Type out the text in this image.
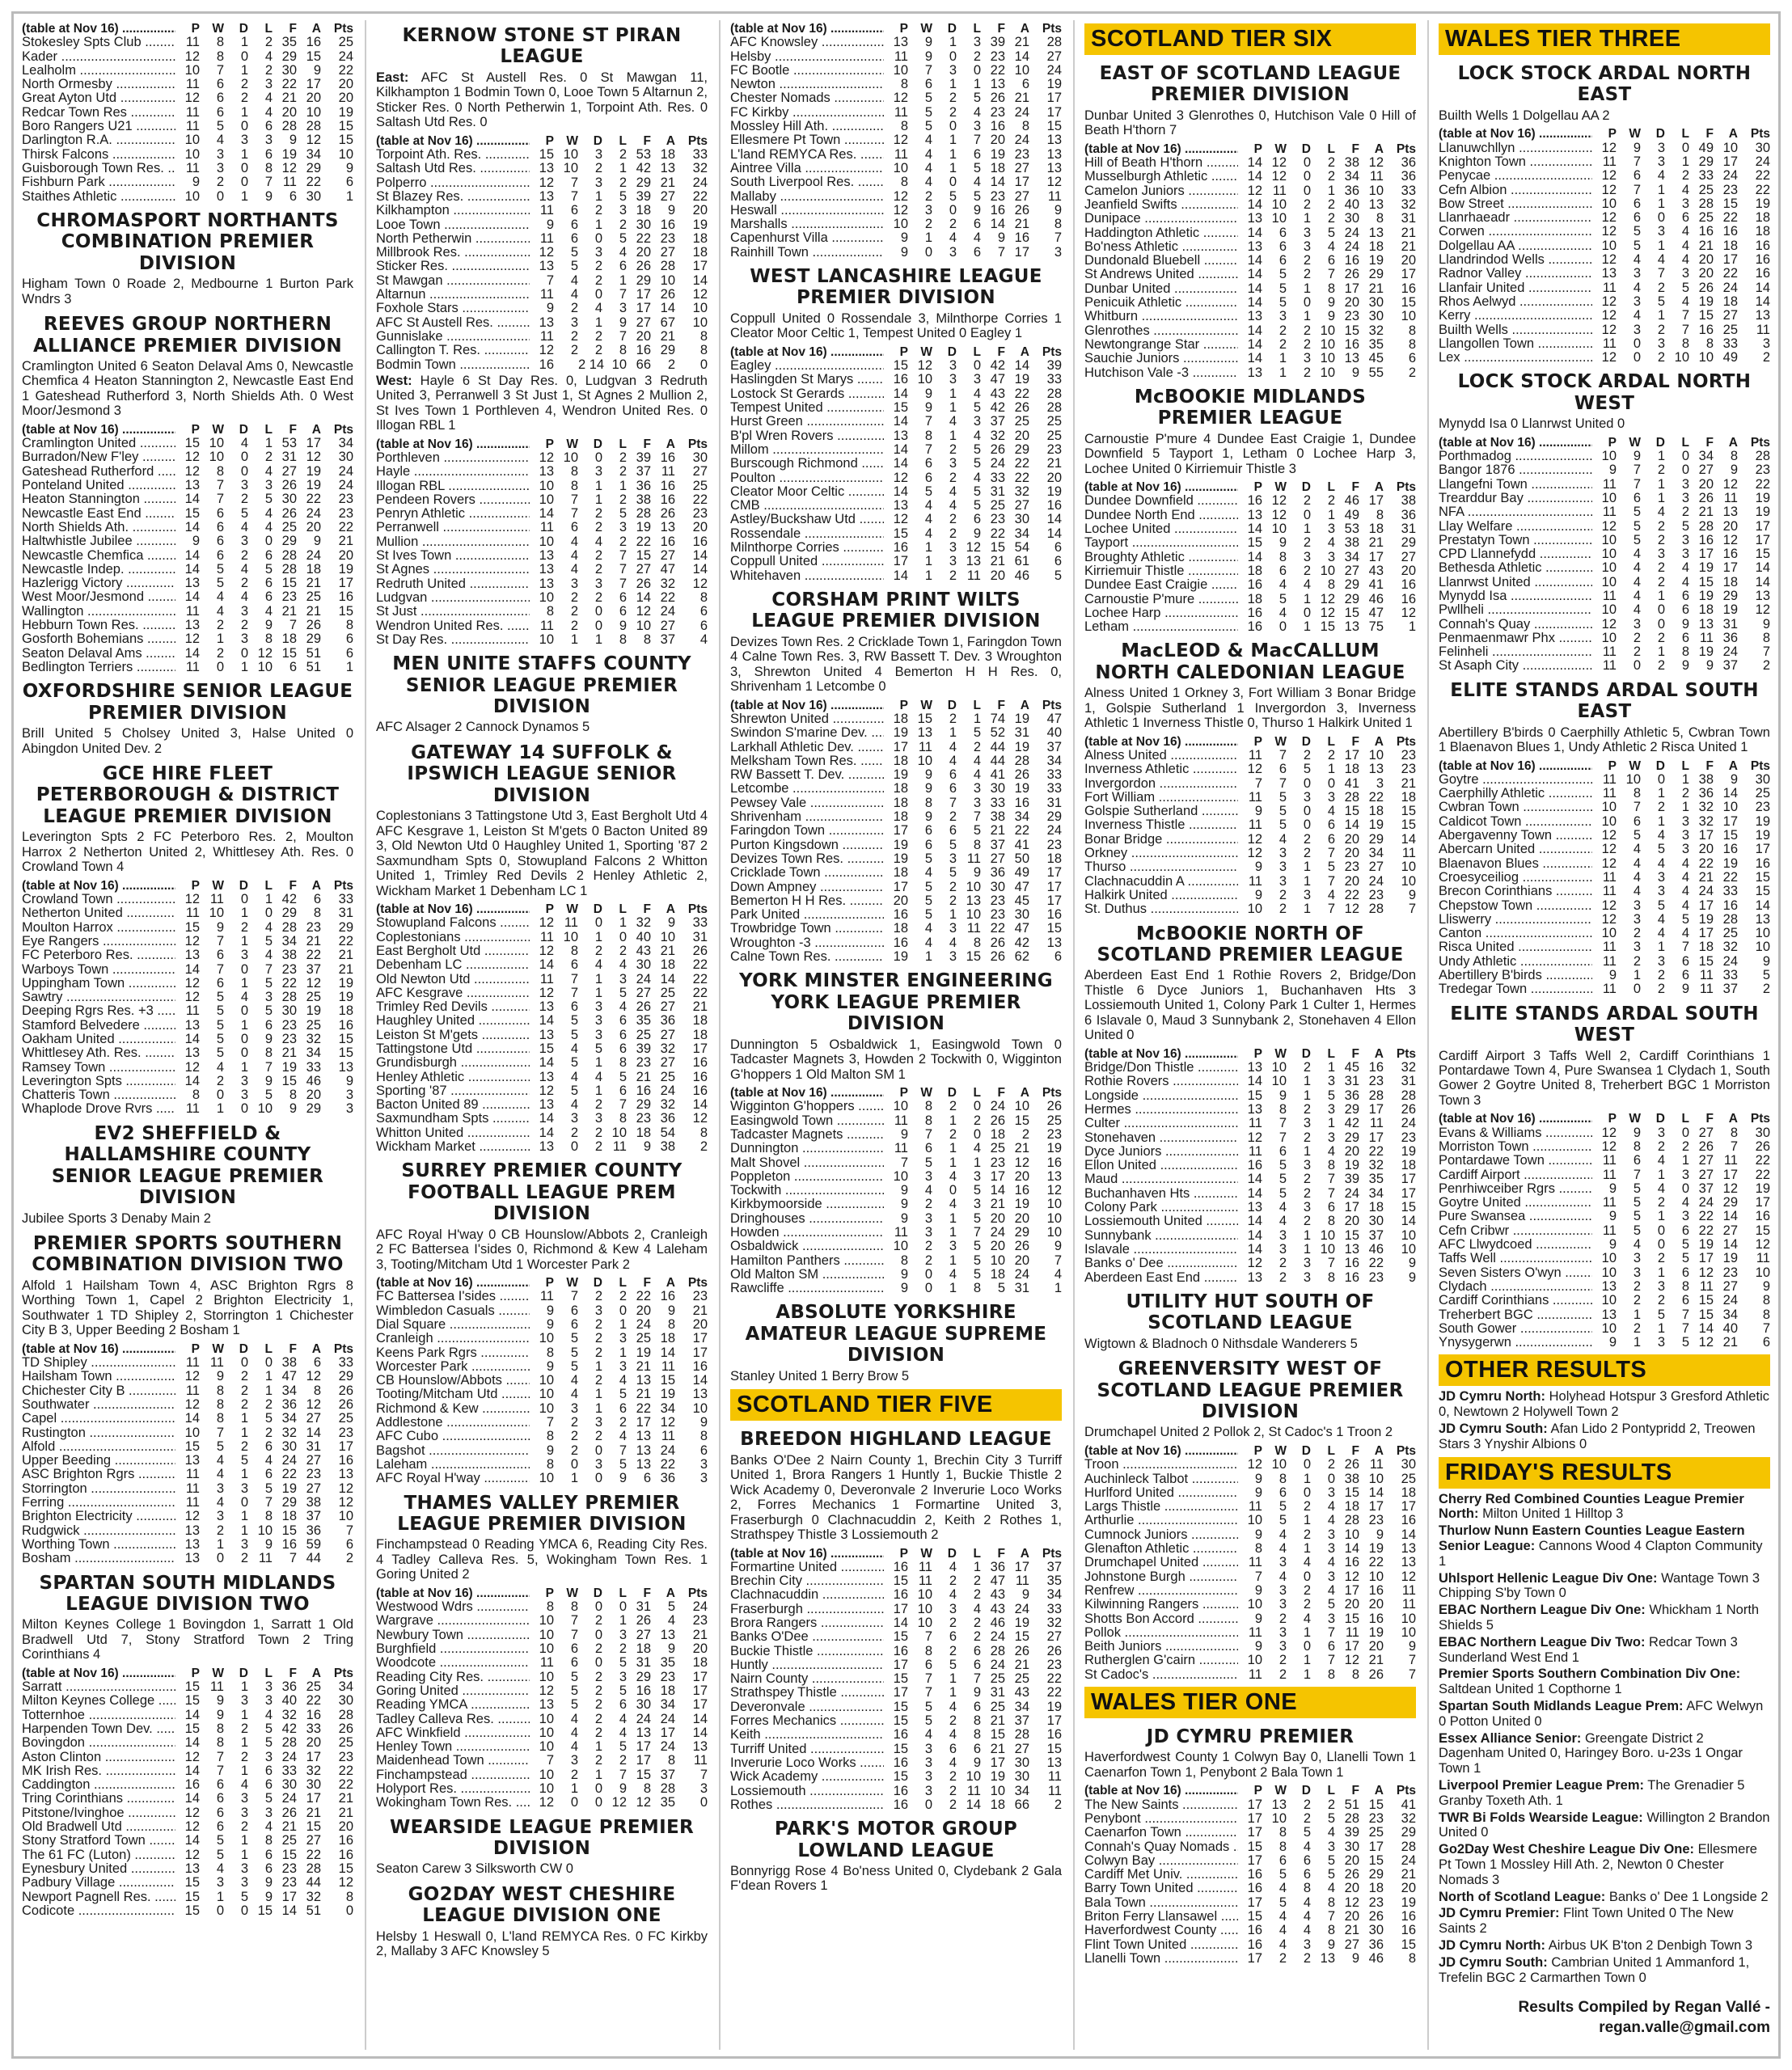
(table at Nov 16) .....	P W	D	L	F	A	Pts
Stokesley Spts Club .....	11	8	1	2 35 16	25
Kader .....	12	8	0	4 29 15	24
Lealholm .....	10	7	1	2 30	9	22
North Ormesby .....	11	6	2	3 22 17	20
Great Ayton Utd .....	12	6	2	4 21 20	20
Redcar Town Res .....	11	6	1	4 20 10	19
Boro Rangers U21 .....	11	5	0	6 28 28	15
Darlington R.A. .....	10	4	3	3	9 12	15
Thirsk Falcons .....	10	3	1	6 19 34	10
Guisborough Town Res. .....	11	3	0	8 12 29	9
Fishburn Park .....	9	2	0	7 11 22	6
Staithes Athletic .....	10	0	1	9	6 30	1
CHROMASPORT NORTHANTS COMBINATION PREMIER DIVISION
Higham Town 0 Roade 2, Medbourne 1 Burton Park Wndrs 3
REEVES GROUP NORTHERN ALLIANCE PREMIER DIVISION
Cramlington United 6 Seaton Delaval Ams 0, Newcastle Chemfica 4 Heaton Stannington 2, Newcastle East End 1 Gateshead Rutherford 3, North Shields Ath. 0 West Moor/Jesmond 3
(table at Nov 16) .....	P W	D	L	F	A	Pts
Cramlington United .....	15 10	4	1 53 17	34
Burradon/New F'ley .....	12 10	0	2 31 12	30
Gateshead Rutherford .....	12	8	0	4 27 19	24
Ponteland United .....	13	7	3	3 26 19	24
Heaton Stannington .....	14	7	2	5 30 22	23
Newcastle East End .....	15	6	5	4 26 24	23
North Shields Ath. .....	14	6	4	4 25 20	22
Haltwhistle Jubilee .....	9	6	3	0 29	9	21
Newcastle Chemfica .....	14	6	2	6 28 24	20
Newcastle Indep. .....	14	5	4	5 28 18	19
Hazlerigg Victory .....	13	5	2	6 15 21	17
West Moor/Jesmond .....	14	4	4	6 23 25	16
Wallington .....	11	4	3	4 21 21	15
Hebburn Town Res. .....	13	2	2	9	7 26	8
Gosforth Bohemians .....	12	1	3	8 18 29	6
Seaton Delaval Ams .....	14	2	0 12 15 51	6
Bedlington Terriers .....	11	0	1 10	6 51	1
OXFORDSHIRE SENIOR LEAGUE PREMIER DIVISION
Brill United 5 Cholsey United 3, Halse United 0 Abingdon United Dev. 2
GCE HIRE FLEET PETERBOROUGH & DISTRICT LEAGUE PREMIER DIVISION
Leverington Spts 2 FC Peterboro Res. 2, Moulton Harrox 2 Netherton United 2, Whittlesey Ath. Res. 0 Crowland Town 4
(table at Nov 16) .....	P W	D	L	F	A	Pts
Crowland Town .....	12 11	0	1 42	6	33
Netherton United .....	11 10	1	0 29	8	31
Moulton Harrox .....	15	9	2	4 28 23	29
Eye Rangers .....	12	7	1	5 34 21	22
FC Peterboro Res. .....	13	6	3	4 38 22	21
Warboys Town .....	14	7	0	7 23 37	21
Uppingham Town .....	12	6	1	5 22 12	19
Sawtry .....	12	5	4	3 28 25	19
Deeping Rgrs Res. +3 .....	11	5	0	5 30 19	18
Stamford Belvedere .....	13	5	1	6 23 25	16
Oakham United .....	14	5	0	9 23 32	15
Whittlesey Ath. Res. .....	13	5	0	8 21 34	15
Ramsey Town .....	12	4	1	7 19 33	13
Leverington Spts .....	14	2	3	9 15 46	9
Chatteris Town .....	8	0	3	5	8 20	3
Whaplode Drove Rvrs .....	11	1	0 10	9 29	3
EV2 SHEFFIELD & HALLAMSHIRE COUNTY SENIOR LEAGUE PREMIER DIVISION
Jubilee Sports 3 Denaby Main 2
PREMIER SPORTS SOUTHERN COMBINATION DIVISION TWO
Alfold 1 Hailsham Town 4, ASC Brighton Rgrs 8 Worthing Town 1, Capel 2 Brighton Electricity 1, Southwater 1 TD Shipley 2, Storrington 1 Chichester City B 3, Upper Beeding 2 Bosham 1
(table at Nov 16) .....	P W	D	L	F	A	Pts
TD Shipley .....	11 11	0	0 38	6	33
Hailsham Town .....	12	9	2	1 47 12	29
Chichester City B .....	11	8	2	1 34	8	26
Southwater .....	12	8	2	2 36 12	26
Capel .....	14	8	1	5 34 27	25
Rustington .....	10	7	1	2 32 14	23
Alfold .....	15	5	2	6 30 31	17
Upper Beeding .....	13	4	5	4 24 27	16
ASC Brighton Rgrs .....	11	4	1	6 22 23	13
Storrington .....	11	3	3	5 19 27	12
Ferring .....	11	4	0	7 29 38	12
Brighton Electricity .....	12	3	1	8 18 37	10
Rudgwick .....	13	2	1 10 15 36	7
Worthing Town .....	13	1	3	9 16 59	6
Bosham .....	13	0	2 11	7 44	2
SPARTAN SOUTH MIDLANDS LEAGUE DIVISION TWO
Milton Keynes College 1 Bovingdon 1, Sarratt 1 Old Bradwell Utd 7, Stony Stratford Town 2 Tring Corinthians 4
(table at Nov 16) .....	P W	D	L	F	A	Pts
Sarratt .....	15 11	1	3 36 25	34
Milton Keynes College .....	15	9	3	3 40 22	30
Totternhoe .....	14	9	1	4 32 16	28
Harpenden Town Dev. .....	15	8	2	5 42 33	26
Bovingdon .....	14	8	1	5 28 20	25
Aston Clinton .....	12	7	2	3 24 17	23
MK Irish Res. .....	14	7	1	6 33 32	22
Caddington .....	16	6	4	6 30 30	22
Tring Corinthians .....	14	6	3	5 24 17	21
Pitstone/Ivinghoe .....	12	6	3	3 26 21	21
Old Bradwell Utd .....	12	6	2	4 21 15	20
Stony Stratford Town .....	14	5	1	8 25 27	16
The 61 FC (Luton) .....	12	5	1	6 15 22	16
Eynesbury United .....	13	4	3	6 23 28	15
Padbury Village .....	15	3	3	9 23 44	12
Newport Pagnell Res. .....	15	1	5	9 17 32	8
Codicote .....	15	0	0 15 14 51	0
KERNOW STONE ST PIRAN LEAGUE
East: AFC St Austell Res. 0 St Mawgan 11, Kilkhampton 1 Bodmin Town 0, Looe Town 5 Altarnun 2, Sticker Res. 0 North Petherwin 1, Torpoint Ath. Res. 0 Saltash Utd Res. 0
(table at Nov 16) .....	P W	D	L	F	A	Pts
Torpoint Ath. Res. .....	15 10	3	2 53 18	33
Saltash Utd Res. .....	13 10	2	1 42 13	32
Polperro .....	12	7	3	2 29 21	24
St Blazey Res. .....	13	7	1	5 39 27	22
Kilkhampton .....	11	6	2	3 18	9	20
Looe Town .....	9	6	1	2 30 16	19
North Petherwin .....	11	6	0	5 22 23	18
Millbrook Res. .....	12	5	3	4 20 27	18
Sticker Res. .....	13	5	2	6 26 28	17
St Mawgan .....	7	4	2	1 29 10	14
Altarnun .....	11	4	0	7 17 26	12
Foxhole Stars .....	9	2	4	3 17 14	10
AFC St Austell Res. .....	13	3	1	9 27 67	10
Gunnislake .....	11	2	2	7 20 21	8
Callington T. Res. .....	12	2	2	8 16 29	8
Bodmin Town .....	16 2 14 10 66	2	0
West: Hayle 6 St Day Res. 0, Ludgvan 3 Redruth United 3, Perranwell 3 St Just 1, St Agnes 2 Mullion 2, St Ives Town 1 Porthleven 4, Wendron United Res. 0 Illogan RBL 1
(table at Nov 16) .....	P W	D	L	F	A	Pts
Porthleven .....	12 10	0	2 39 16	30
Hayle .....	13	8	3	2 37 11	27
Illogan RBL .....	10	8	1	1 36 16	25
Pendeen Rovers .....	10	7	1	2 38 16	22
Penryn Athletic .....	14	7	2	5 28 26	23
Perranwell .....	11	6	2	3 19 13	20
Mullion .....	10	4	4	2 22 16	16
St Ives Town .....	13	4	2	7 15 27	14
St Agnes .....	13	4	2	7 27 47	14
Redruth United .....	13	3	3	7 26 32	12
Ludgvan .....	10	2	2	6 14 22	8
St Just .....	8	2	0	6 12 24	6
Wendron United Res. .....	11	2	0	9 10 27	6
St Day Res. .....	10	1	1	8	8 37	4
MEN UNITE STAFFS COUNTY SENIOR LEAGUE PREMIER DIVISION
AFC Alsager 2 Cannock Dynamos 5
GATEWAY 14 SUFFOLK & IPSWICH LEAGUE SENIOR DIVISION
Coplestonians 3 Tattingstone Utd 3, East Bergholt Utd 4 AFC Kesgrave 1, Leiston St M'gets 0 Bacton United 89 3, Old Newton Utd 0 Haughley United 1, Sporting '87 2 Saxmundham Spts 0, Stowupland Falcons 2 Whitton United 1, Trimley Red Devils 2 Henley Athletic 2, Wickham Market 1 Debenham LC 1
(table at Nov 16) .....	P W	D	L	F	A	Pts
Stowupland Falcons .....	12 11	0	1 32	9	33
Coplestonians .....	11 10	1	0 40 10	31
East Bergholt Utd .....	12	8	2	2 43 21	26
Debenham LC .....	14	6	4	4 30 18	22
Old Newton Utd .....	11	7	1	3 24 14	22
AFC Kesgrave .....	12	7	1	5 27 25	22
Trimley Red Devils .....	13	6	3	4 26 27	21
Haughley United .....	14	5	3	6 35 36	18
Leiston St M'gets .....	13	5	3	6 25 27	18
Tattingstone Utd .....	15	4	5	6 39 32	17
Grundisburgh .....	14	5	1	8 23 27	16
Henley Athletic .....	13	4	4	5 21 25	16
Sporting '87 .....	12	5	1	6 16 24	16
Bacton United 89 .....	13	4	2	7 29 32	14
Saxmundham Spts .....	14	3	3	8 23 36	12
Whitton United .....	14	2	2 10 18 54	8
Wickham Market .....	13	0	2 11	9 38	2
SURREY PREMIER COUNTY FOOTBALL LEAGUE PREM DIVISION
AFC Royal H'way 0 CB Hounslow/Abbots 2, Cranleigh 2 FC Battersea I'sides 0, Richmond & Kew 4 Laleham 3, Tooting/Mitcham Utd 1 Worcester Park 2
(table at Nov 16) .....	P W	D	L	F	A	Pts
FC Battersea I'sides .....	11	7	2	2 22 16	23
Wimbledon Casuals .....	9	6	3	0 20	9	21
Dial Square .....	9	6	2	1 24	8	20
Cranleigh .....	10	5	2	3 25 18	17
Keens Park Rgrs .....	8	5	2	1 19 14	17
Worcester Park .....	9	5	1	3 21 11	16
CB Hounslow/Abbots .....	10	4	2	4 13 15	14
Tooting/Mitcham Utd .....	10	4	1	5 21 19	13
Richmond & Kew .....	10	3	1	6 22 34	10
Addlestone .....	7	2	3	2 17 12	9
AFC Cubo .....	8	2	2	4 13 11	8
Bagshot .....	9	2	0	7 13 24	6
Laleham .....	8	0	3	5 13 22	3
AFC Royal H'way .....	10	1	0	9	6 36	3
THAMES VALLEY PREMIER LEAGUE PREMIER DIVISION
Finchampstead 0 Reading YMCA 6, Reading City Res. 4 Tadley Calleva Res. 5, Wokingham Town Res. 1 Goring United 2
(table at Nov 16) .....	P W	D	L	F	A	Pts
Westwood Wdrs .....	8	8	0	0 31	5	24
Wargrave .....	10	7	2	1 26	4	23
Newbury Town .....	10	7	0	3 27 13	21
Burghfield .....	10	6	2	2 18	9	20
Woodcote .....	11	6	0	5 31 35	18
Reading City Res. .....	10	5	2	3 29 23	17
Goring United .....	12	5	2	5 16 18	17
Reading YMCA .....	13	5	2	6 30 34	17
Tadley Calleva Res. .....	10	4	2	4 24 24	14
AFC Winkfield .....	10	4	2	4 13 17	14
Henley Town .....	10	4	1	5 17 24	13
Maidenhead Town .....	7	3	2	2 17	8	11
Finchampstead .....	10	2	1	7 15 37	7
Holyport Res. .....	10	1	0	9	8 28	3
Wokingham Town Res. .....	12	0	0 12 12 35	0
WEARSIDE LEAGUE PREMIER DIVISION
Seaton Carew 3 Silksworth CW 0
GO2DAY WEST CHESHIRE LEAGUE DIVISION ONE
Helsby 1 Heswall 0, L'land REMYCA Res. 0 FC Kirkby 2, Mallaby 3 AFC Knowsley 5
(table at Nov 16) .....	P W	D	L	F	A	Pts
AFC Knowsley .....	13	9	1	3 39 21	28
Helsby .....	11	9	0	2 23 14	27
FC Bootle .....	10	7	3	0 22 10	24
Newton .....	8	6	1	1 13	6	19
Chester Nomads .....	12	5	2	5 26 21	17
FC Kirkby .....	11	5	2	4 23 24	17
Mossley Hill Ath. .....	8	5	0	3 16	8	15
Ellesmere Pt Town .....	12	4	1	7 20 24	13
L'land REMYCA Res. .....	11	4	1	6 19 23	13
Aintree Villa .....	10	4	1	5 18 27	13
South Liverpool Res. .....	8	4	0	4 14 17	12
Mallaby .....	12	2	5	5 23 27	11
Heswall .....	12	3	0	9 16 26	9
Marshalls .....	10	2	2	6 14 21	8
Capenhurst Villa .....	9	1	4	4	9 16	7
Rainhill Town .....	9	0	3	6	7 17	3
WEST LANCASHIRE LEAGUE PREMIER DIVISION
Coppull United 0 Rossendale 3, Milnthorpe Corries 1 Cleator Moor Celtic 1, Tempest United 0 Eagley 1
(table at Nov 16) .....	P W	D	L	F	A	Pts
Eagley .....	15 12	3	0 42 14	39
Haslingden St Marys .....	16 10	3	3 47 19	33
Lostock St Gerards .....	14	9	1	4 43 22	28
Tempest United .....	15	9	1	5 42 26	28
Hurst Green .....	14	7	4	3 37 25	25
B'pl Wren Rovers .....	13	8	1	4 32 20	25
Millom .....	14	7	2	5 26 29	23
Burscough Richmond .....	14	6	3	5 24 22	21
Poulton .....	12	6	2	4 33 22	20
Cleator Moor Celtic .....	14	5	4	5 31 32	19
CMB .....	13	4	4	5 25 27	16
Astley/Buckshaw Utd .....	12	4	2	6 23 30	14
Rossendale .....	15	4	2	9 22 34	14
Milnthorpe Corries .....	16	1	3 12 15 54	6
Coppull United .....	17	1	3 13 21 61	6
Whitehaven .....	14	1	2 11 20 46	5
CORSHAM PRINT WILTS LEAGUE PREMIER DIVISION
Devizes Town Res. 2 Cricklade Town 1, Faringdon Town 4 Calne Town Res. 3, RW Bassett T. Dev. 3 Wroughton 3, Shrewton United 4 Bemerton H H Res. 0, Shrivenham 1 Letcombe 0
(table at Nov 16) .....	P W	D	L	F	A	Pts
Shrewton United .....	18 15	2	1 74 19	47
Swindon S'marine Dev. .....	19 13	1	5 52 31	40
Larkhall Athletic Dev. .....	17 11	4	2 44 19	37
Melksham Town Res. .....	18 10	4	4 44 28	34
RW Bassett T. Dev. .....	19	9	6	4 41 26	33
Letcombe .....	18	9	6	3 30 19	33
Pewsey Vale .....	18	8	7	3 33 16	31
Shrivenham .....	18	9	2	7 38 34	29
Faringdon Town .....	17	6	6	5 21 22	24
Purton Kingsdown .....	19	6	5	8 37 41	23
Devizes Town Res. .....	19	5	3 11 27 50	18
Cricklade Town .....	18	4	5	9 36 49	17
Down Ampney .....	17	5	2 10 30 47	17
Bemerton H H Res. .....	20	5	2 13 23 45	17
Park United .....	16	5	1 10 23 30	16
Trowbridge Town .....	18	4	3 11 22 47	15
Wroughton -3 .....	16	4	4	8 26 42	13
Calne Town Res. .....	19	1	3 15 26 62	6
YORK MINSTER ENGINEERING YORK LEAGUE PREMIER DIVISION
Dunnington 5 Osbaldwick 1, Easingwold Town 0 Tadcaster Magnets 3, Howden 2 Tockwith 0, Wigginton G'hoppers 1 Old Malton SM 1
(table at Nov 16) .....	P W	D	L	F	A	Pts
Wigginton G'hoppers .....	10	8	2	0 24 10	26
Easingwold Town .....	11	8	1	2 26 15	25
Tadcaster Magnets .....	9	7	2	0 18	2	23
Dunnington .....	11	6	1	4 25 21	19
Malt Shovel .....	7	5	1	1 23 12	16
Poppleton .....	10	3	4	3 17 20	13
Tockwith .....	9	4	0	5 14 16	12
Kirkbymoorside .....	9	2	4	3 21 19	10
Dringhouses .....	9	3	1	5 20 20	10
Howden .....	11	3	1	7 24 29	10
Osbaldwick .....	10	2	3	5 20 26	9
Hamilton Panthers .....	8	2	1	5 10 20	7
Old Malton SM .....	9	0	4	5 18 24	4
Rawcliffe .....	9	0	1	8	5 31	1
ABSOLUTE YORKSHIRE AMATEUR LEAGUE SUPREME DIVISION
Stanley United 1 Berry Brow 5
SCOTLAND TIER FIVE
BREEDON HIGHLAND LEAGUE
Banks O'Dee 2 Nairn County 1, Brechin City 3 Turriff United 1, Brora Rangers 1 Huntly 1, Buckie Thistle 2 Wick Academy 0, Deveronvale 2 Inverurie Loco Works 2, Forres Mechanics 1 Formartine United 3, Fraserburgh 0 Clachnacuddin 2, Keith 2 Rothes 1, Strathspey Thistle 3 Lossiemouth 2
(table at Nov 16) .....	P W	D	L	F	A	Pts
Formartine United .....	16 11	4	1 36 17	37
Brechin City .....	15 11	2	2 47 11	35
Clachnacuddin .....	16 10	4	2 43	9	34
Fraserburgh .....	17 10	3	4 43 24	33
Brora Rangers .....	14 10	2	2 46 19	32
Banks O'Dee .....	15	7	6	2 24 15	27
Buckie Thistle .....	16	8	2	6 28 26	26
Huntly .....	17	6	5	6 24 21	23
Nairn County .....	15	7	1	7 25 25	22
Strathspey Thistle .....	17	7	1	9 31 43	22
Deveronvale .....	15	5	4	6 25 34	19
Forres Mechanics .....	15	5	2	8 21 37	17
Keith .....	16	4	4	8 15 28	16
Turriff United .....	15	3	6	6 21 27	15
Inverurie Loco Works .....	16	3	4	9 17 30	13
Wick Academy .....	15	3	2 10 19 30	11
Lossiemouth .....	16	3	2 11 10 34	11
Rothes .....	16	0	2 14 18 66	2
PARK'S MOTOR GROUP LOWLAND LEAGUE
Bonnyrigg Rose 4 Bo'ness United 0, Clydebank 2 Gala F'dean Rovers 1
SCOTLAND TIER SIX
EAST OF SCOTLAND LEAGUE PREMIER DIVISION
Dunbar United 3 Glenrothes 0, Hutchison Vale 0 Hill of Beath H'thorn 7
(table at Nov 16) .....	P W	D	L	F	A	Pts
Hill of Beath H'thorn .....	14 12	0	2 38 12	36
Musselburgh Athletic .....	14 12	0	2 34 11	36
Camelon Juniors .....	12 11	0	1 36 10	33
Jeanfield Swifts .....	14 10	2	2 40 13	32
Dunipace .....	13 10	1	2 30	8	31
Haddington Athletic .....	14	6	3	5 24 13	21
Bo'ness Athletic .....	13	6	3	4 24 18	21
Dundonald Bluebell .....	14	6	2	6 16 19	20
St Andrews United .....	14	5	2	7 26 29	17
Dunbar United .....	14	5	1	8 17 21	16
Penicuik Athletic .....	14	5	0	9 20 30	15
Whitburn .....	13	3	1	9 23 30	10
Glenrothes .....	14	2	2 10 15 32	8
Newtongrange Star .....	14	2	2 10 16 35	8
Sauchie Juniors .....	14	1	3 10 13 45	6
Hutchison Vale -3 .....	13	1	2 10	9 55	2
McBOOKIE MIDLANDS PREMIER LEAGUE
Carnoustie P'mure 4 Dundee East Craigie 1, Dundee Downfield 5 Tayport 1, Letham 0 Lochee Harp 3, Lochee United 0 Kirriemuir Thistle 3
(table at Nov 16) .....	P W	D	L	F	A	Pts
Dundee Downfield .....	16 12	2	2 46 17	38
Dundee North End .....	13 12	0	1 49	8	36
Lochee United .....	14 10	1	3 53 18	31
Tayport .....	15	9	2	4 38 21	29
Broughty Athletic .....	14	8	3	3 34 17	27
Kirriemuir Thistle .....	18	6	2 10 27 43	20
Dundee East Craigie .....	16	4	4	8 29 41	16
Carnoustie P'mure .....	18	5	1 12 29 46	16
Lochee Harp .....	16	4	0 12 15 47	12
Letham .....	16	0	1 15 13 75	1
MacLEOD & MacCALLUM NORTH CALEDONIAN LEAGUE
Alness United 1 Orkney 3, Fort William 3 Bonar Bridge 1, Golspie Sutherland 1 Invergordon 3, Inverness Athletic 1 Inverness Thistle 0, Thurso 1 Halkirk United 1
(table at Nov 16) .....	P W	D	L	F	A	Pts
Alness United .....	11	7	2	2 17 10	23
Inverness Athletic .....	12	6	5	1 18 13	23
Invergordon .....	7	7	0	0 41	3	21
Fort William .....	11	5	3	3 28 22	18
Golspie Sutherland .....	9	5	0	4 15 18	15
Inverness Thistle .....	11	5	0	6 14 19	15
Bonar Bridge .....	12	4	2	6 20 29	14
Orkney .....	12	3	2	7 20 34	11
Thurso .....	9	3	1	5 23 27	10
Clachnacuddin A .....	11	3	1	7 20 24	10
Halkirk United .....	9	2	3	4 22 23	9
St. Duthus .....	10	2	1	7 12 28	7
McBOOKIE NORTH OF SCOTLAND PREMIER LEAGUE
Aberdeen East End 1 Rothie Rovers 2, Bridge/Don Thistle 6 Dyce Juniors 1, Buchanhaven Hts 3 Lossiemouth United 1, Colony Park 1 Culter 1, Hermes 6 Islavale 0, Maud 3 Sunnybank 2, Stonehaven 4 Ellon United 0
(table at Nov 16) .....	P W	D	L	F	A	Pts
Bridge/Don Thistle .....	13 10	2	1 45 16	32
Rothie Rovers .....	14 10	1	3 31 23	31
Longside .....	15	9	1	5 36 28	28
Hermes .....	13	8	2	3 29 17	26
Culter .....	11	7	3	1 42 11	24
Stonehaven .....	12	7	2	3 29 17	23
Dyce Juniors .....	11	6	1	4 20 22	19
Ellon United .....	16	5	3	8 19 32	18
Maud .....	14	5	2	7 39 35	17
Buchanhaven Hts .....	14	5	2	7 24 34	17
Colony Park .....	13	4	3	6 17 18	15
Lossiemouth United .....	14	4	2	8 20 30	14
Sunnybank .....	14	3	1 10 15 37	10
Islavale .....	14	3	1 10 13 46	10
Banks o' Dee .....	12	2	3	7 16 22	9
Aberdeen East End .....	13	2	3	8 16 23	9
UTILITY HUT SOUTH OF SCOTLAND LEAGUE
Wigtown & Bladnoch 0 Nithsdale Wanderers 5
GREENVERSITY WEST OF SCOTLAND LEAGUE PREMIER DIVISION
Drumchapel United 2 Pollok 2, St Cadoc's 1 Troon 2
(table at Nov 16) .....	P W	D	L	F	A	Pts
Troon .....	12 10	0	2 26 11	30
Auchinleck Talbot .....	9	8	1	0 38 10	25
Hurlford United .....	9	6	0	3 15 14	18
Largs Thistle .....	11	5	2	4 18 17	17
Arthurlie .....	10	5	1	4 28 23	16
Cumnock Juniors .....	9	4	2	3 10	9	14
Glenafton Athletic .....	8	4	1	3 14 19	13
Drumchapel United .....	11	3	4	4 16 22	13
Johnstone Burgh .....	7	4	0	3 12 10	12
Renfrew .....	9	3	2	4 17 16	11
Kilwinning Rangers .....	10	3	2	5 20 20	11
Shotts Bon Accord .....	9	2	4	3 15 16	10
Pollok .....	11	3	1	7 11 19	10
Beith Juniors .....	9	3	0	6 17 20	9
Rutherglen G'cairn .....	10	2	1	7 12 21	7
St Cadoc's .....	11	2	1	8	8 26	7
WALES TIER ONE
JD CYMRU PREMIER
Haverfordwest County 1 Colwyn Bay 0, Llanelli Town 1 Caenarfon Town 1, Penybont 2 Bala Town 1
(table at Nov 16) .....	P W	D	L	F	A	Pts
The New Saints .....	17 13	2	2 51 15	41
Penybont .....	17 10	2	5 28 23	32
Caenarfon Town .....	17	8	5	4 39 25	29
Connah's Quay Nomads .....	15	8	4	3 30 17	28
Colwyn Bay .....	17	6	6	5 20 15	24
Cardiff Met Univ. .....	16	5	6	5 26 29	21
Barry Town United .....	16	4	8	4 20 18	20
Bala Town .....	17	5	4	8 12 23	19
Briton Ferry Llansawel .....	15	4	4	7 20 26	16
Haverfordwest County .....	16	4	4	8 21 30	16
Flint Town United .....	16	4	3	9 27 36	15
Llanelli Town .....	17	2	2 13	9 46	8
WALES TIER THREE
LOCK STOCK ARDAL NORTH EAST
Builth Wells 1 Dolgellau AA 2
(table at Nov 16) .....	P W	D	L	F	A	Pts
Llanuwchllyn .....	12	9	3	0 49 10	30
Knighton Town .....	11	7	3	1 29 17	24
Penycae .....	12	6	4	2 33 24	22
Cefn Albion .....	12	7	1	4 25 23	22
Bow Street .....	10	6	1	3 28 15	19
Llanrhaeadr .....	12	6	0	6 25 22	18
Corwen .....	12	5	3	4 16 16	18
Dolgellau AA .....	10	5	1	4 21 18	16
Llandrindod Wells .....	12	4	4	4 20 17	16
Radnor Valley .....	13	3	7	3 20 22	16
Llanfair United .....	11	4	2	5 26 24	14
Rhos Aelwyd .....	12	3	5	4 19 18	14
Kerry .....	12	4	1	7 15 27	13
Builth Wells .....	12	3	2	7 16 25	11
Llangollen Town .....	11	0	3	8	8 33	3
Lex .....	12	0	2 10 10 49	2
LOCK STOCK ARDAL NORTH WEST
Mynydd Isa 0 Llanrwst United 0
(table at Nov 16) .....	P W	D	L	F	A	Pts
Porthmadog .....	10	9	1	0 34	8	28
Bangor 1876 .....	9	7	2	0 27	9	23
Llangefni Town .....	11	7	1	3 20 12	22
Trearddur Bay .....	10	6	1	3 26 11	19
NFA .....	11	5	4	2 21 13	19
Llay Welfare .....	12	5	2	5 28 20	17
Prestatyn Town .....	10	5	2	3 16 12	17
CPD Llannefydd .....	10	4	3	3 17 16	15
Bethesda Athletic .....	10	4	2	4 19 17	14
Llanrwst United .....	10	4	2	4 15 18	14
Mynydd Isa .....	11	4	1	6 19 29	13
Pwllheli .....	10	4	0	6 18 19	12
Connah's Quay .....	12	3	0	9 13 31	9
Penmaenmawr Phx .....	10	2	2	6 11 36	8
Felinheli .....	11	2	1	8 19 24	7
St Asaph City .....	11	0	2	9	9 37	2
ELITE STANDS ARDAL SOUTH EAST
Abertillery B'birds 0 Caerphilly Athletic 5, Cwbran Town 1 Blaenavon Blues 1, Undy Athletic 2 Risca United 1
(table at Nov 16) .....	P W	D	L	F	A	Pts
Goytre .....	11 10	0	1 38	9	30
Caerphilly Athletic .....	11	8	1	2 36 14	25
Cwbran Town .....	10	7	2	1 32 10	23
Caldicot Town .....	10	6	1	3 32 17	19
Abergavenny Town .....	12	5	4	3 17 15	19
Abercarn United .....	12	4	5	3 20 16	17
Blaenavon Blues .....	12	4	4	4 22 19	16
Croesyceiliog .....	11	4	3	4 21 22	15
Brecon Corinthians .....	11	4	3	4 24 33	15
Chepstow Town .....	12	3	5	4 17 16	14
Lliswerry .....	12	3	4	5 19 28	13
Canton .....	10	2	4	4 17 25	10
Risca United .....	11	3	1	7 18 32	10
Undy Athletic .....	11	2	3	6 15 24	9
Abertillery B'birds .....	9	1	2	6 11 33	5
Tredegar Town .....	11	0	2	9 11 37	2
ELITE STANDS ARDAL SOUTH WEST
Cardiff Airport 3 Taffs Well 2, Cardiff Corinthians 1 Pontardawe Town 4, Pure Swansea 1 Clydach 1, South Gower 2 Goytre United 8, Treherbert BGC 1 Morriston Town 3
(table at Nov 16) .....	P W	D	L	F	A	Pts
Evans & Williams .....	12	9	3	0 27	8	30
Morriston Town .....	12	8	2	2 26	7	26
Pontardawe Town .....	11	6	4	1 27 11	22
Cardiff Airport .....	11	7	1	3 27 17	22
Penrhiwceiber Rgrs .....	9	5	4	0 37 12	19
Goytre United .....	11	5	2	4 24 29	17
Pure Swansea .....	9	5	1	3 22 14	16
Cefn Cribwr .....	11	5	0	6 22 27	15
AFC Llwydcoed .....	9	4	0	5 19 14	12
Taffs Well .....	10	3	2	5 17 19	11
Seven Sisters O'wyn .....	10	3	1	6 12 23	10
Clydach .....	13	2	3	8 11 27	9
Cardiff Corinthians .....	10	2	2	6 15 24	8
Treherbert BGC .....	13	1	5	7 15 34	8
South Gower .....	10	2	1	7 14 40	7
Ynysygerwn .....	9	1	3	5 12 21	6
OTHER RESULTS
JD Cymru North: Holyhead Hotspur 3 Gresford Athletic 0, Newtown 2 Holywell Town 2
JD Cymru South: Afan Lido 2 Pontypridd 2, Treowen Stars 3 Ynyshir Albions 0
FRIDAY'S RESULTS
Cherry Red Combined Counties League Premier North: Milton United 1 Hilltop 3
Thurlow Nunn Eastern Counties League Eastern Senior League: Cannons Wood 4 Clapton Community 1
Uhlsport Hellenic League Div One: Wantage Town 3 Chipping S'by Town 0
EBAC Northern League Div One: Whickham 1 North Shields 5
EBAC Northern League Div Two: Redcar Town 3 Sunderland West End 1
Premier Sports Southern Combination Div One: Saltdean United 1 Copthorne 1
Spartan South Midlands League Prem: AFC Welwyn 0 Potton United 0
Essex Alliance Senior: Greengate District 2 Dagenham United 0, Haringey Boro. u-23s 1 Ongar Town 1
Liverpool Premier League Prem: The Grenadier 5 Granby Toxeth Ath. 1
TWR Bi Folds Wearside League: Willington 2 Brandon United 0
Go2Day West Cheshire League Div One: Ellesmere Pt Town 1 Mossley Hill Ath. 2, Newton 0 Chester Nomads 3
North of Scotland League: Banks o' Dee 1 Longside 2
JD Cymru Premier: Flint Town United 0 The New Saints 2
JD Cymru North: Airbus UK B'ton 2 Denbigh Town 3
JD Cymru South: Cambrian United 1 Ammanford 1, Trefelin BGC 2 Carmarthen Town 0
Results Compiled by Regan Vallé -
regan.valle@gmail.com
